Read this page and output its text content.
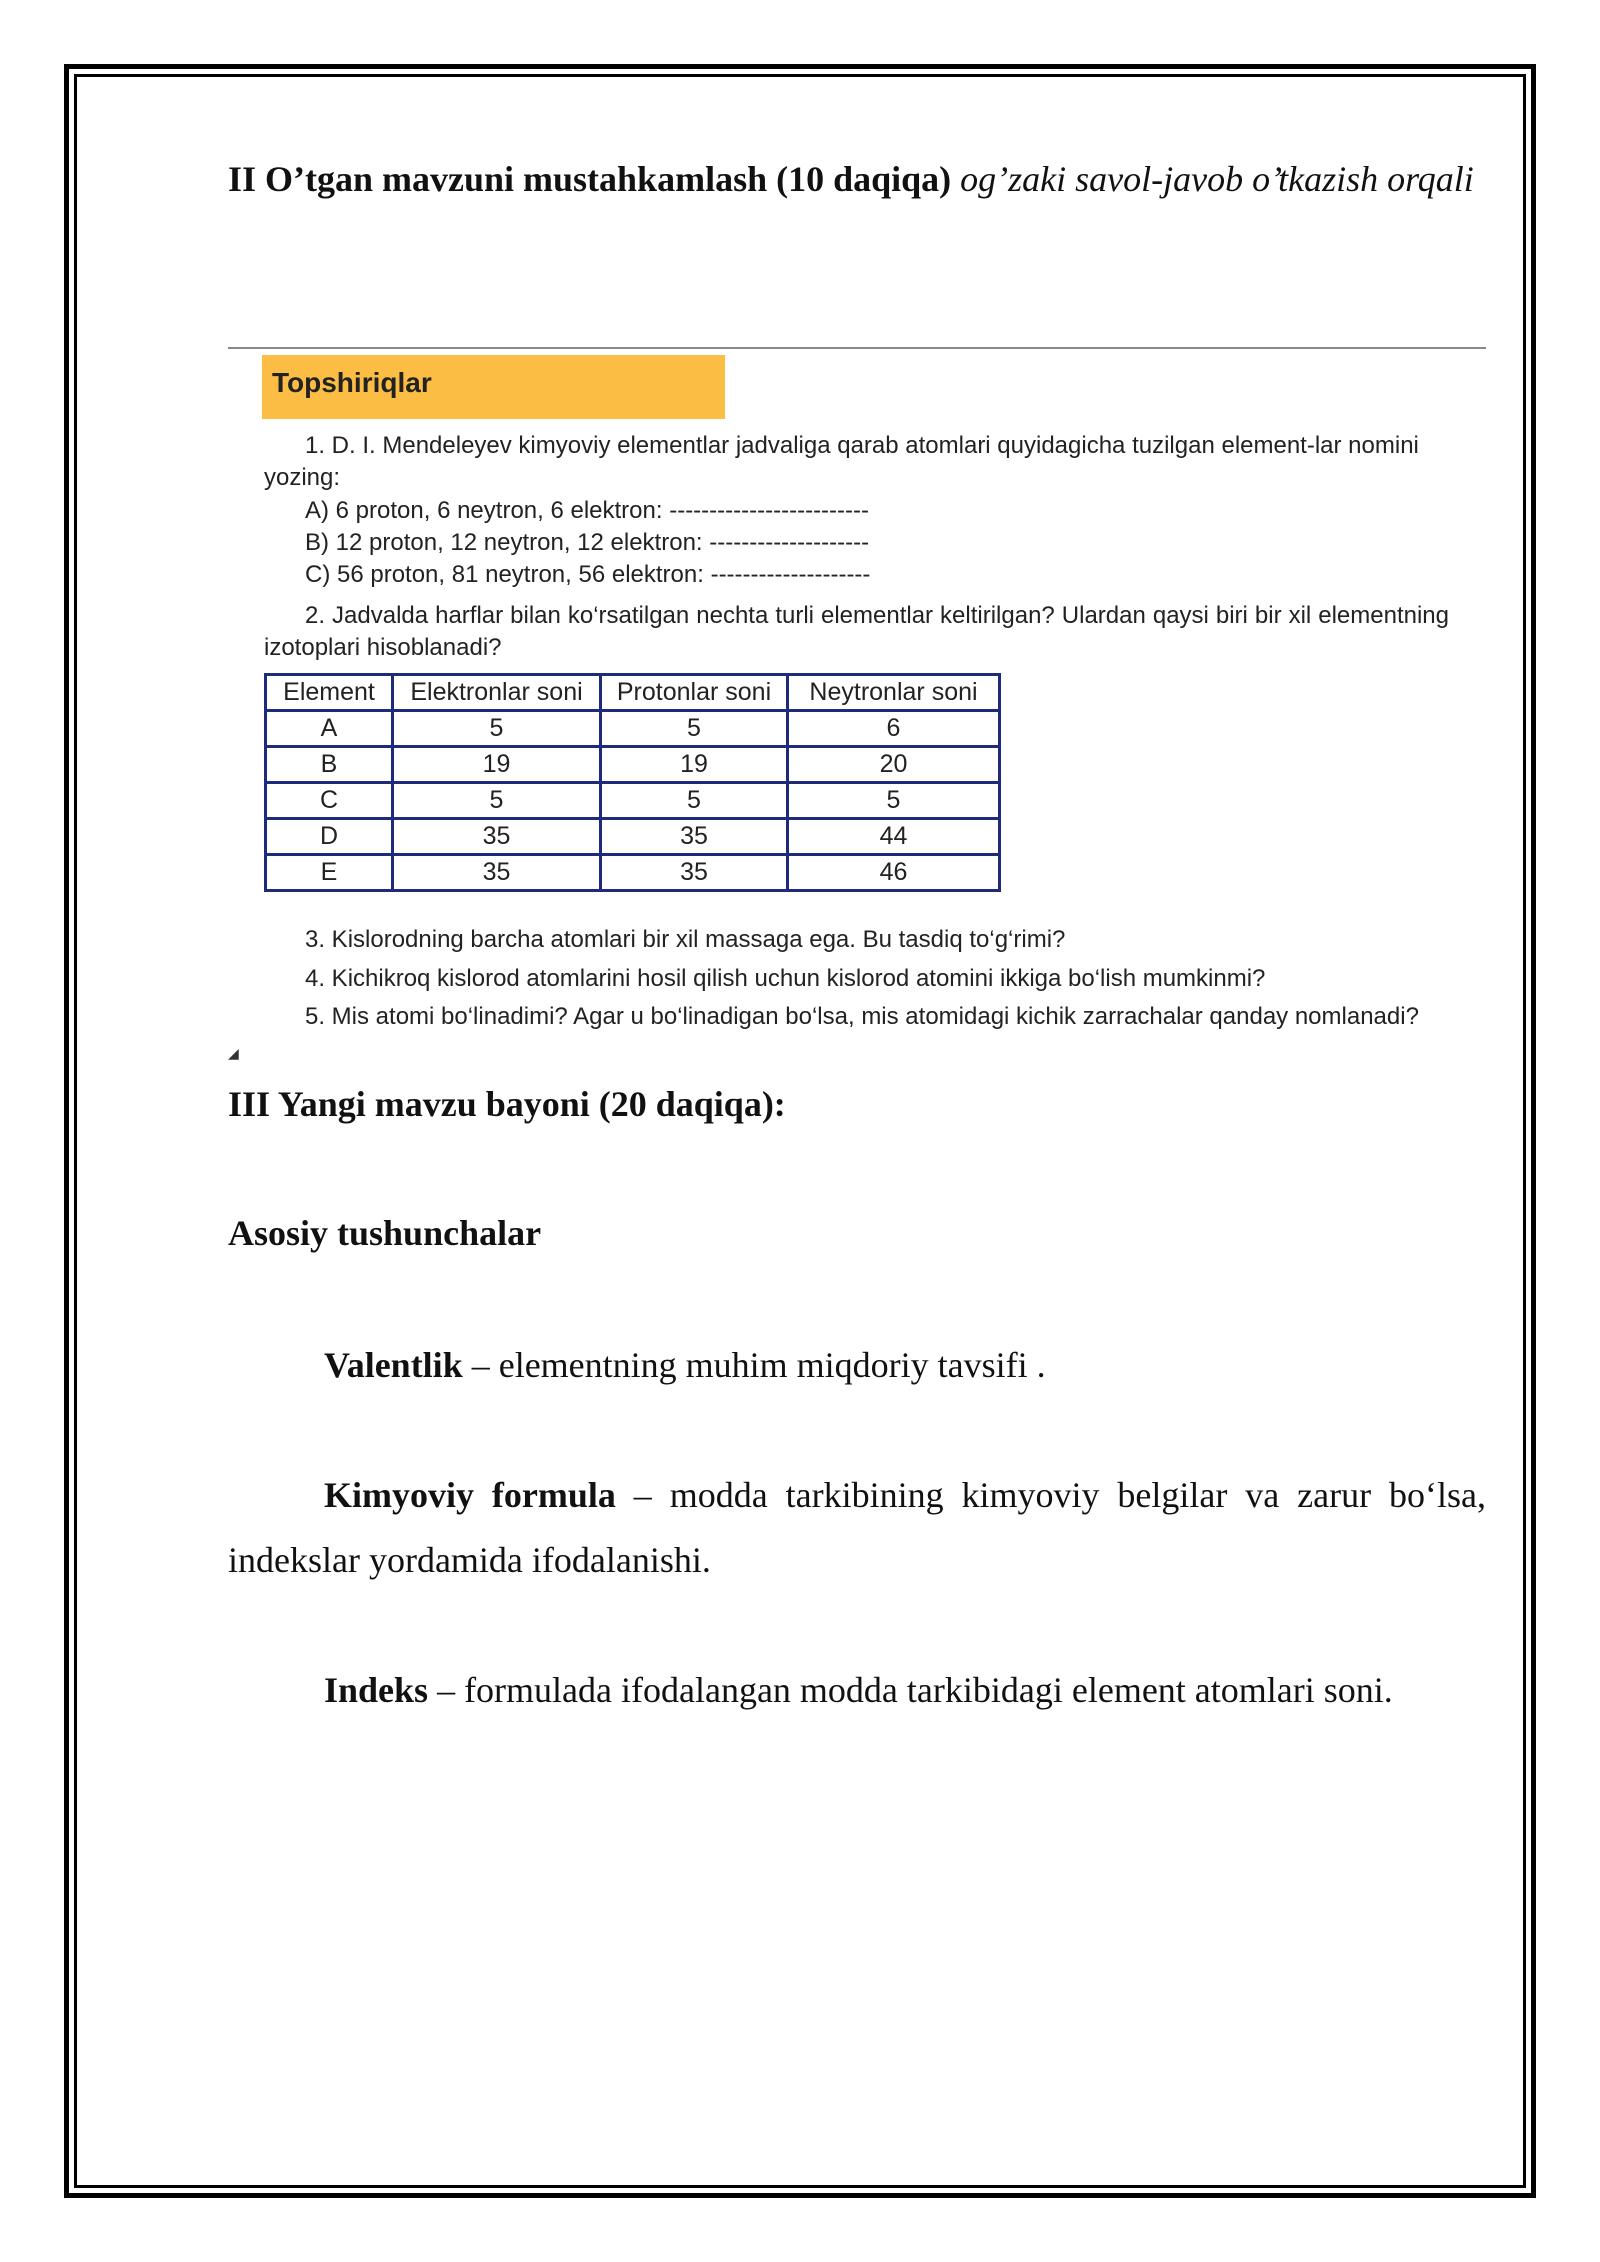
II O’tgan mavzuni mustahkamlash (10 daqiqa) og’zaki savol-javob o’tkazish orqali
Topshiriqlar
1. D. I. Mendeleyev kimyoviy elementlar jadvaliga qarab atomlari quyidagicha tuzilgan element-lar nomini yozing:
A) 6 proton, 6 neytron, 6 elektron: -------------------------
B) 12 proton, 12 neytron, 12 elektron: --------------------
C) 56 proton, 81 neytron, 56 elektron: --------------------
2. Jadvalda harflar bilan ko‘rsatilgan nechta turli elementlar keltirilgan? Ulardan qaysi biri bir xil elementning izotoplari hisoblanadi?
Element	Elektronlar soni	Protonlar soni	Neytronlar soni
A	5	5	6
B	19	19	20
C	5	5	5
D	35	35	44
E	35	35	46
3. Kislorodning barcha atomlari bir xil massaga ega. Bu tasdiq to‘g‘rimi?
4. Kichikroq kislorod atomlarini hosil qilish uchun kislorod atomini ikkiga bo‘lish mumkinmi?
5. Mis atomi bo‘linadimi? Agar u bo‘linadigan bo‘lsa, mis atomidagi kichik zarrachalar qanday nomlanadi?
◢
III Yangi mavzu bayoni (20 daqiqa):
Asosiy tushunchalar
Valentlik – elementning muhim miqdoriy tavsifi .
Kimyoviy formula – modda tarkibining kimyoviy belgilar va zarur bo‘lsa, indekslar yordamida ifodalanishi.
Indeks – formulada ifodalangan modda tarkibidagi element atomlari soni.
